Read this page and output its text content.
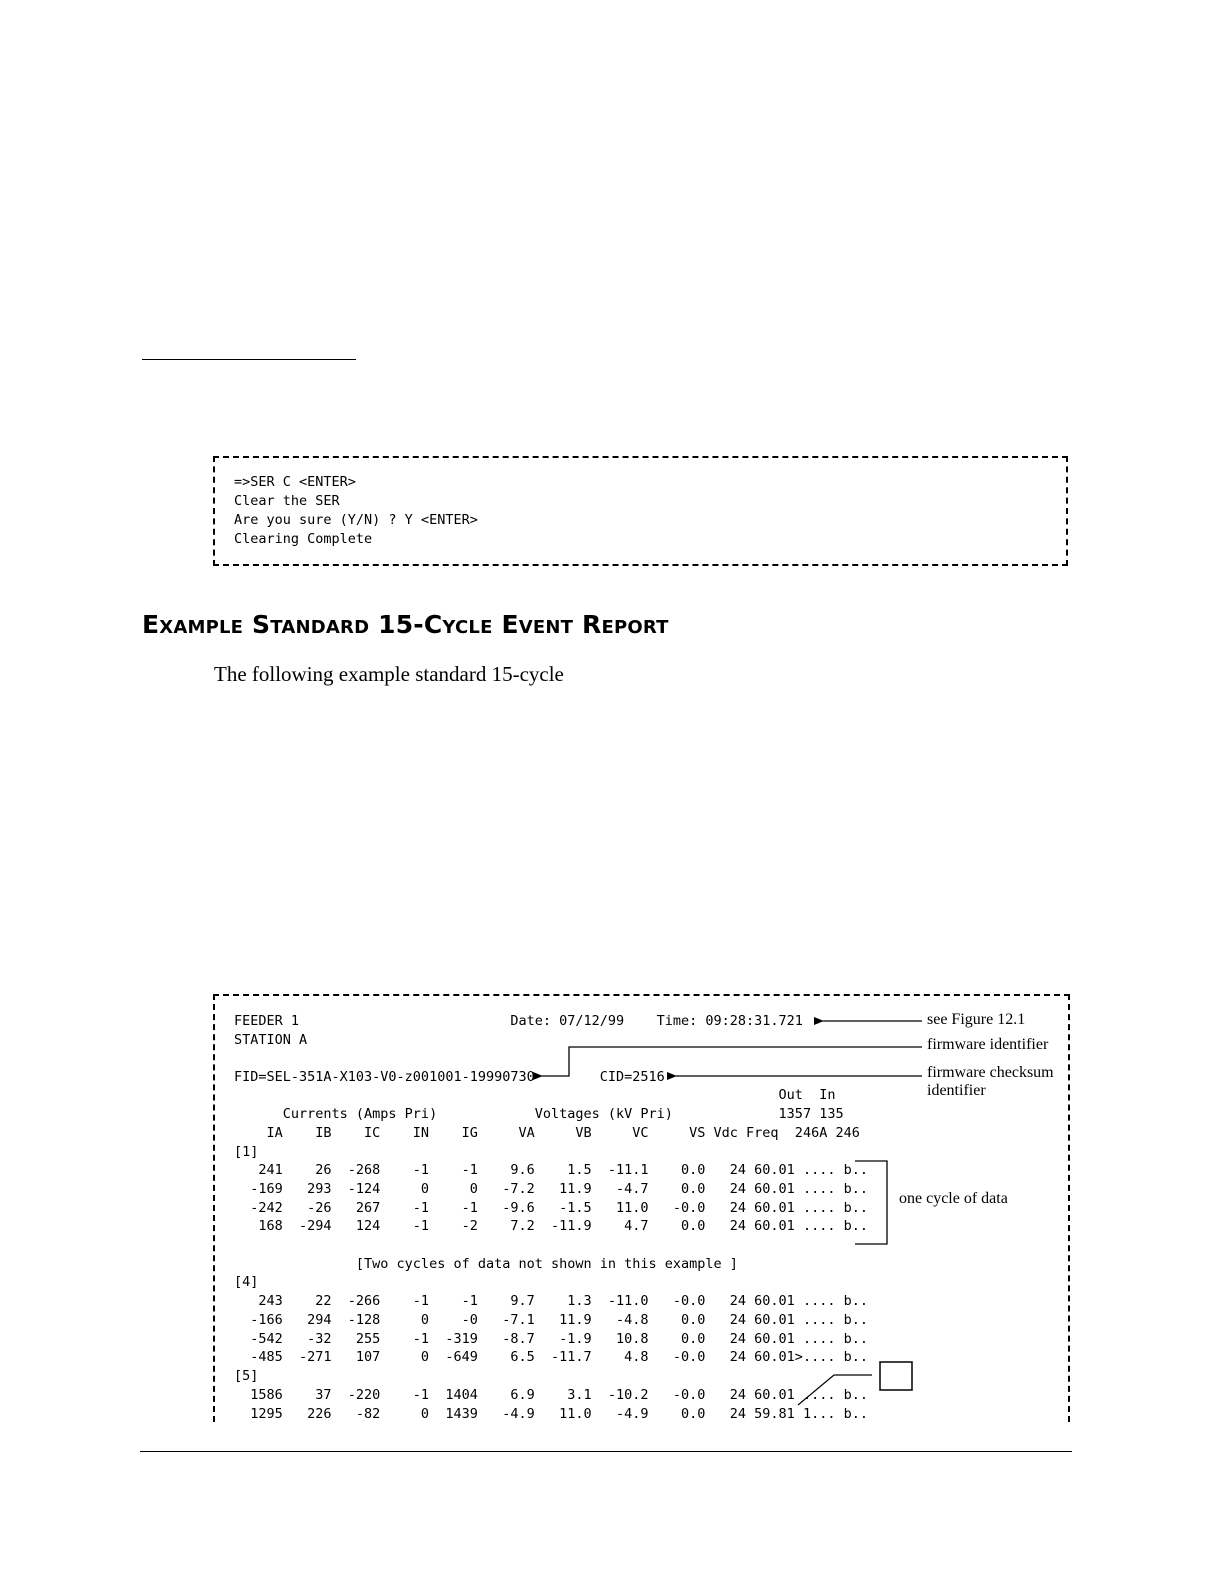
=>SER C <ENTER>
Clear the SER
Are you sure (Y/N) ? Y <ENTER>
Clearing Complete
Example Standard 15-Cycle Event Report

The following example standard 15-cycle

FEEDER 1                          Date: 07/12/99    Time: 09:28:31.721
STATION A
FID=SEL-351A-X103-V0-z001001-19990730        CID=2516
Out  In
Currents (Amps Pri)            Voltages (kV Pri)             1357 135
IA    IB    IC    IN    IG     VA     VB     VC     VS Vdc Freq  246A 246
[1]
241    26  -268    -1    -1    9.6    1.5  -11.1    0.0   24 60.01 .... b..
-169   293  -124     0     0   -7.2   11.9   -4.7    0.0   24 60.01 .... b..
-242   -26   267    -1    -1   -9.6   -1.5   11.0   -0.0   24 60.01 .... b..
168  -294   124    -1    -2    7.2  -11.9    4.7    0.0   24 60.01 .... b..
[Two cycles of data not shown in this example ]
[4]
243    22  -266    -1    -1    9.7    1.3  -11.0   -0.0   24 60.01 .... b..
-166   294  -128     0    -0   -7.1   11.9   -4.8    0.0   24 60.01 .... b..
-542   -32   255    -1  -319   -8.7   -1.9   10.8    0.0   24 60.01 .... b..
-485  -271   107     0  -649    6.5  -11.7    4.8   -0.0   24 60.01>.... b..
[5]
1586    37  -220    -1  1404    6.9    3.1  -10.2   -0.0   24 60.01 .... b..
1295   226   -82     0  1439   -4.9   11.0   -4.9    0.0   24 59.81 1... b..
see Figure 12.1
firmware identifier
firmware checksum
identifier
one cycle of data
